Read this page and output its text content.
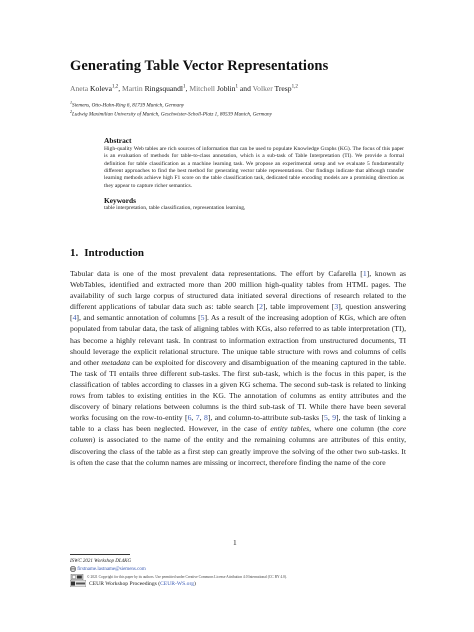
Generating Table Vector Representations
Aneta Koleva$^{1,2}$, Martin Ringsquandl$^1$, Mitchell Joblin$^1$ and Volker Tresp$^{1,2}$
$^1$Siemens, Otto-Hahn-Ring 6, 81739 Munich, Germany
$^2$Ludwig Maximilian University of Munich, Geschwister-Scholl-Platz 1, 80539 Munich, Germany
Abstract
High-quality Web tables are rich sources of information that can be used to populate Knowledge Graphs (KG). The focus of this paper is an evaluation of methods for table-to-class annotation, which is a sub-task of Table Interpretation (TI). We provide a formal definition for table classification as a machine learning task. We propose an experimental setup and we evaluate 5 fundamentally different approaches to find the best method for generating vector table representations. Our findings indicate that although transfer learning methods achieve high F1 score on the table classification task, dedicated table encoding models are a promising direction as they appear to capture richer semantics.
Keywords
table interpretation, table classification, representation learning,
1. Introduction
Tabular data is one of the most prevalent data representations. The effort by Cafarella [1], known as WebTables, identified and extracted more than 200 million high-quality tables from HTML pages. The availability of such large corpus of structured data initiated several directions of research related to the different applications of tabular data such as: table search [2], table improvement [3], question answering [4], and semantic annotation of columns [5]. As a result of the increasing adoption of KGs, which are often populated from tabular data, the task of aligning tables with KGs, also referred to as table interpretation (TI), has become a highly relevant task. In contrast to information extraction from unstructured documents, TI should leverage the explicit relational structure. The unique table structure with rows and columns of cells and other metadata can be exploited for discovery and disambiguation of the meaning captured in the table. The task of TI entails three different sub-tasks. The first sub-task, which is the focus in this paper, is the classification of tables according to classes in a given KG schema. The second sub-task is related to linking rows from tables to existing entities in the KG. The annotation of columns as entity attributes and the discovery of binary relations between columns is the third sub-task of TI. While there have been several works focusing on the row-to-entity [6, 7, 8], and column-to-attribute sub-tasks [5, 9], the task of linking a table to a class has been neglected. However, in the case of entity tables, where one column (the core column) is associated to the name of the entity and the remaining columns are attributes of this entity, discovering the class of the table as a first step can greatly improve the solving of the other two sub-tasks. It is often the case that the column names are missing or incorrect, therefore finding the name of the core
1
ISWC 2021 Workshop DL4KG
firstname.lastname@siemens.com
© 2021 Copyright for this paper by its authors. Use permitted under Creative Commons License Attribution 4.0 International (CC BY 4.0).
CEUR Workshop Proceedings (CEUR-WS.org)
